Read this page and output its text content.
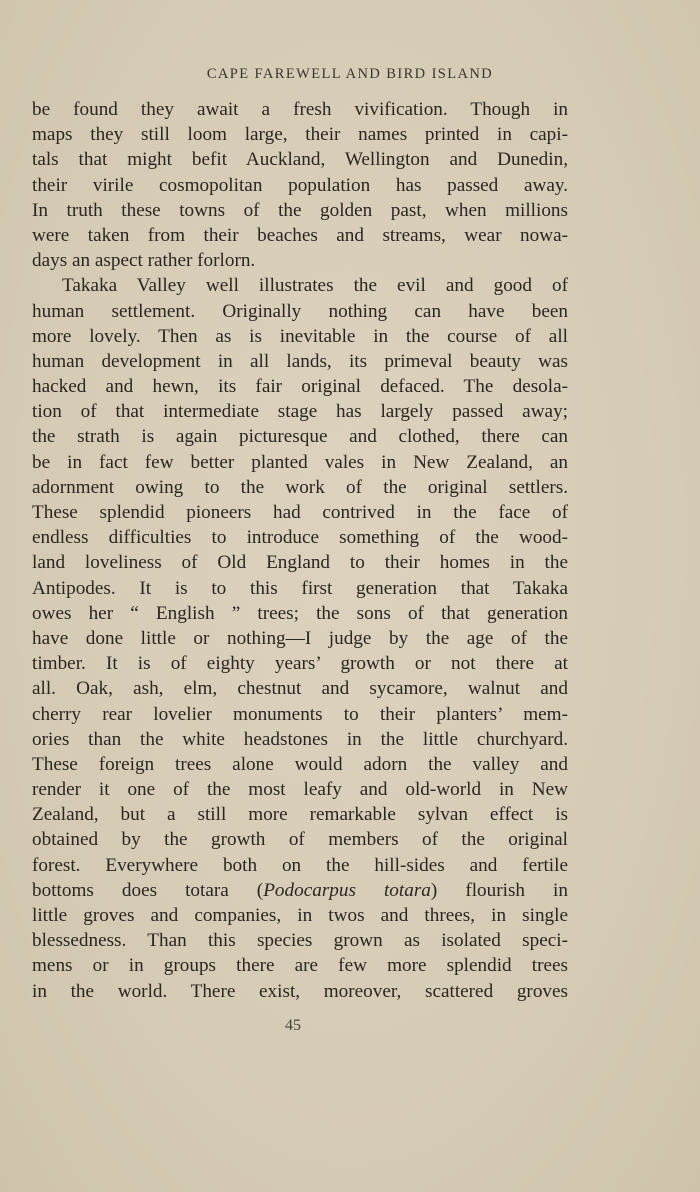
CAPE FAREWELL AND BIRD ISLAND
be found they await a fresh vivification. Though in
maps they still loom large, their names printed in capi-
tals that might befit Auckland, Wellington and Dunedin,
their virile cosmopolitan population has passed away.
In truth these towns of the golden past, when millions
were taken from their beaches and streams, wear nowa-
days an aspect rather forlorn.
Takaka Valley well illustrates the evil and good of
human settlement. Originally nothing can have been
more lovely. Then as is inevitable in the course of all
human development in all lands, its primeval beauty was
hacked and hewn, its fair original defaced. The desola-
tion of that intermediate stage has largely passed away;
the strath is again picturesque and clothed, there can
be in fact few better planted vales in New Zealand, an
adornment owing to the work of the original settlers.
These splendid pioneers had contrived in the face of
endless difficulties to introduce something of the wood-
land loveliness of Old England to their homes in the
Antipodes. It is to this first generation that Takaka
owes her “ English ” trees; the sons of that generation
have done little or nothing—I judge by the age of the
timber. It is of eighty years’ growth or not there at
all. Oak, ash, elm, chestnut and sycamore, walnut and
cherry rear lovelier monuments to their planters’ mem-
ories than the white headstones in the little churchyard.
These foreign trees alone would adorn the valley and
render it one of the most leafy and old-world in New
Zealand, but a still more remarkable sylvan effect is
obtained by the growth of members of the original
forest. Everywhere both on the hill-sides and fertile
bottoms does totara (Podocarpus totara) flourish in
little groves and companies, in twos and threes, in single
blessedness. Than this species grown as isolated speci-
mens or in groups there are few more splendid trees
in the world. There exist, moreover, scattered groves
45
